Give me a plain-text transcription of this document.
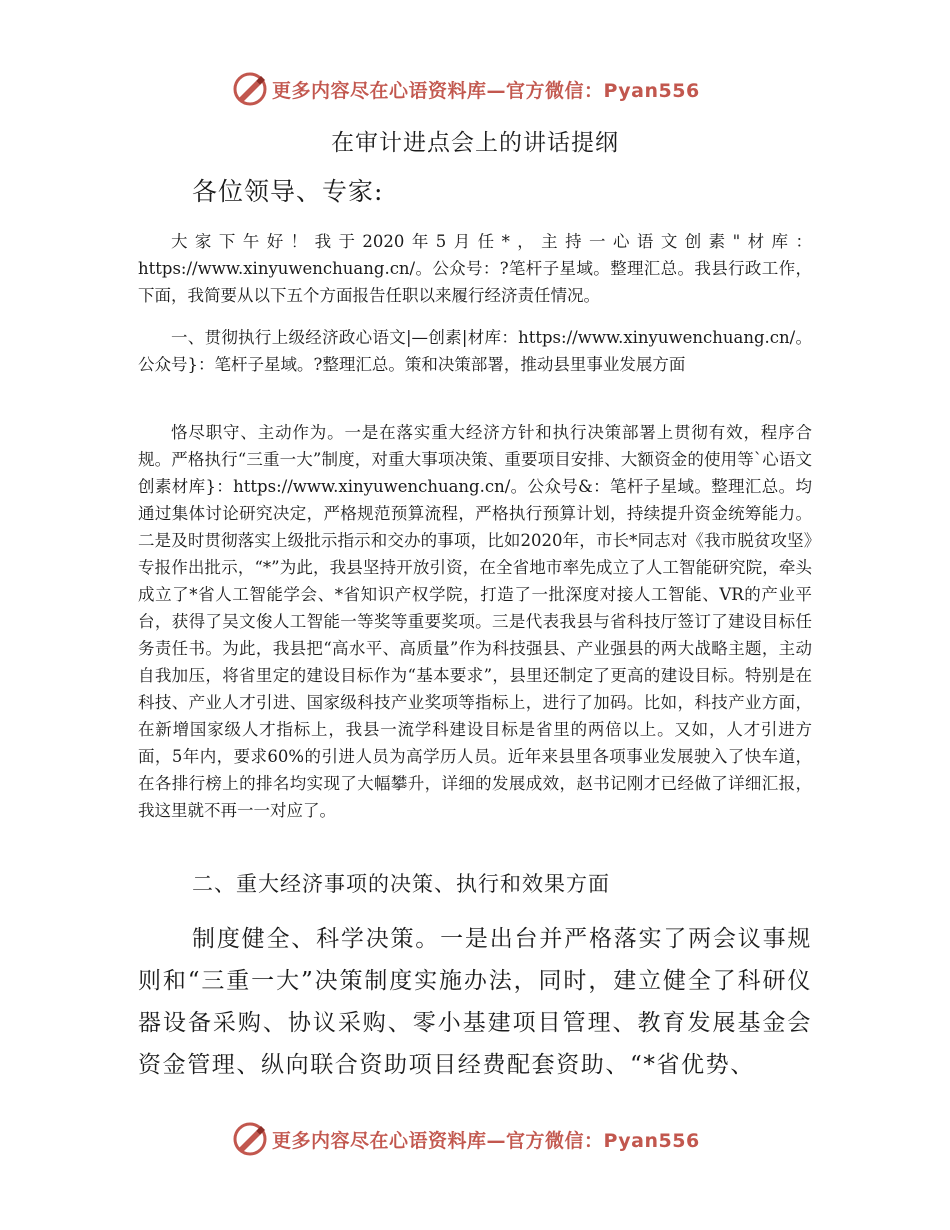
更多内容尽在心语资料库—官方微信：Pyan556
在审计进点会上的讲话提纲
各位领导、专家:

大家下午好！我于2020年5月任*，主持一心语文创素"材库：https://www.xinyuwenchuang.cn/。公众号：?笔杆子星域。整理汇总。我县行政工作，下面，我简要从以下五个方面报告任职以来履行经济责任情况。

一、贯彻执行上级经济政心语文|—创素|材库：https://www.xinyuwenchuang.cn/。公众号}：笔杆子星域。?整理汇总。策和决策部署，推动县里事业发展方面

恪尽职守、主动作为。一是在落实重大经济方针和执行决策部署上贯彻有效，程序合规。严格执行“三重一大”制度，对重大事项决策、重要项目安排、大额资金的使用等`心语文创素材库}：https://www.xinyuwenchuang.cn/。公众号&：笔杆子星域。整理汇总。均通过集体讨论研究决定，严格规范预算流程，严格执行预算计划，持续提升资金统筹能力。二是及时贯彻落实上级批示指示和交办的事项，比如2020年，市长*同志对《我市脱贫攻坚》专报作出批示，“*”为此，我县坚持开放引资，在全省地市率先成立了人工智能研究院，牵头成立了*省人工智能学会、*省知识产权学院，打造了一批深度对接人工智能、VR的产业平台，获得了吴文俊人工智能一等奖等重要奖项。三是代表我县与省科技厅签订了建设目标任务责任书。为此，我县把“高水平、高质量”作为科技强县、产业强县的两大战略主题，主动自我加压，将省里定的建设目标作为“基本要求”，县里还制定了更高的建设目标。特别是在科技、产业人才引进、国家级科技产业奖项等指标上，进行了加码。比如，科技产业方面，在新增国家级人才指标上，我县一流学科建设目标是省里的两倍以上。又如，人才引进方面，5年内，要求60%的引进人员为高学历人员。近年来县里各项事业发展驶入了快车道，在各排行榜上的排名均实现了大幅攀升，详细的发展成效，赵书记刚才已经做了详细汇报，我这里就不再一一对应了。

二、重大经济事项的决策、执行和效果方面

制度健全、科学决策。一是出台并严格落实了两会议事规则和“三重一大”决策制度实施办法，同时，建立健全了科研仪器设备采购、协议采购、零小基建项目管理、教育发展基金会资金管理、纵向联合资助项目经费配套资助、“*省优势、

更多内容尽在心语资料库—官方微信：Pyan556
